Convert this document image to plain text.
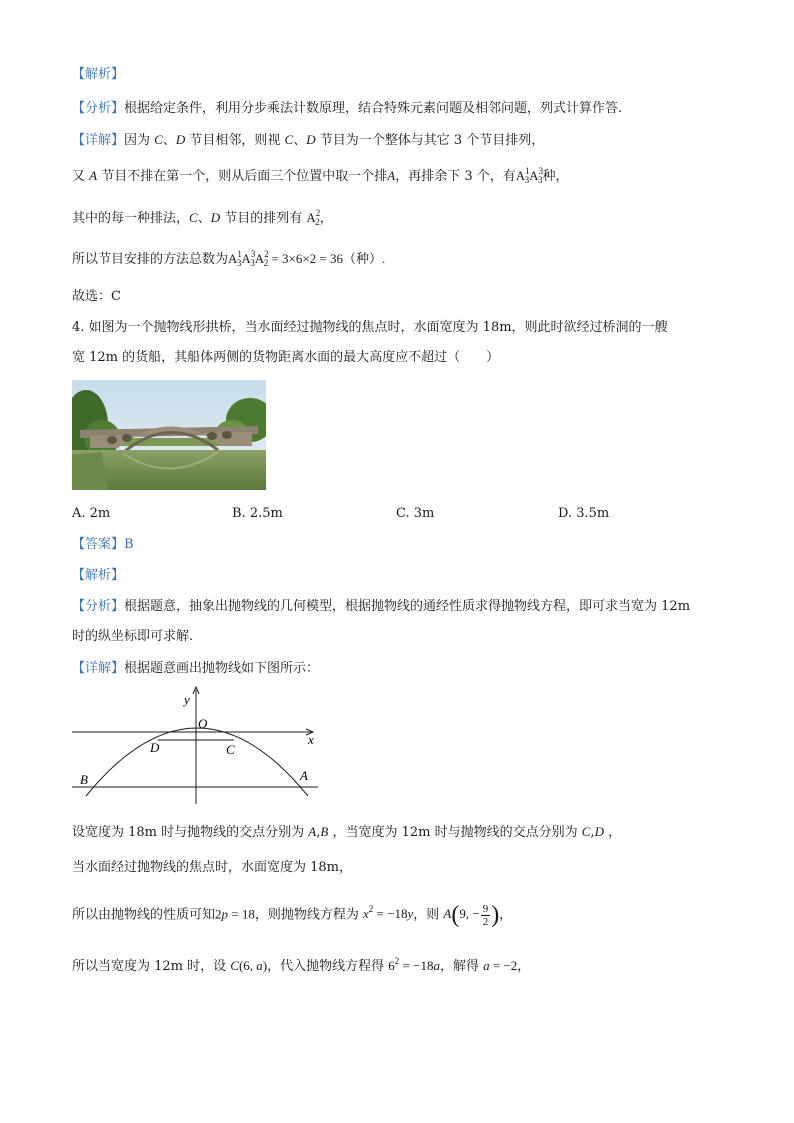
【解析】
【分析】根据给定条件，利用分步乘法计数原理，结合特殊元素问题及相邻问题，列式计算作答.
【详解】因为 C、D 节目相邻，则视 C、D 节目为一个整体与其它 3 个节目排列，
又 A 节目不排在第一个，则从后面三个位置中取一个排A，再排余下 3 个，有$A^1_3A^3_3$种，
其中的每一种排法，C、D 节目的排列有 $A^2_2$，
所以节目安排的方法总数为$A^1_3A^3_3A^2_2 = 3\times 6\times 2 = 36$（种）.
故选：C
4. 如图为一个抛物线形拱桥，当水面经过抛物线的焦点时，水面宽度为 18m，则此时欲经过桥洞的一艘
宽 12m 的货船，其船体两侧的货物距离水面的最大高度应不超过（　　）
A. 2m	B. 2.5m	C. 3m	D. 3.5m
【答案】B
【解析】
【分析】根据题意，抽象出抛物线的几何模型，根据抛物线的通经性质求得抛物线方程，即可求当宽为 12m
时的纵坐标即可求解.
【详解】根据题意画出抛物线如下图所示：
y
O
x
D	C
B	A
设宽度为 18m 时与抛物线的交点分别为 A,B ，当宽度为 12m 时与抛物线的交点分别为 C,D ，
当水面经过抛物线的焦点时，水面宽度为 18m，
所以由抛物线的性质可知2p = 18，则抛物线方程为 $x^2 = -18y$，则 A(9, − $\frac{9}{2}$ )，
所以当宽度为 12m 时，设 C(6, a)，代入抛物线方程得 $6^2 = -18a$，解得 a = −2，
